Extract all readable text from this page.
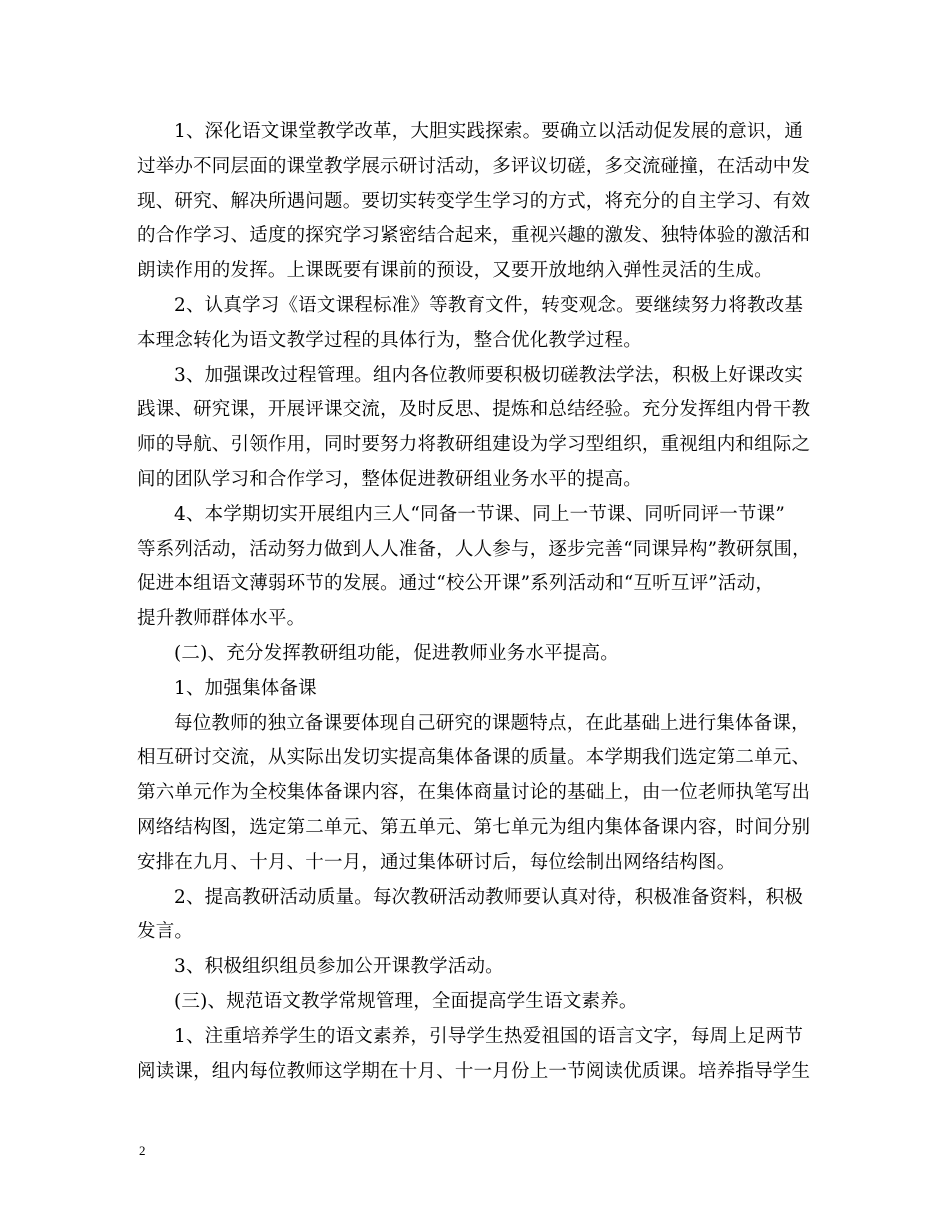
1、深化语文课堂教学改革，大胆实践探索。要确立以活动促发展的意识，通
过举办不同层面的课堂教学展示研讨活动，多评议切磋，多交流碰撞，在活动中发
现、研究、解决所遇问题。要切实转变学生学习的方式，将充分的自主学习、有效
的合作学习、适度的探究学习紧密结合起来，重视兴趣的激发、独特体验的激活和
朗读作用的发挥。上课既要有课前的预设，又要开放地纳入弹性灵活的生成。

2、认真学习《语文课程标准》等教育文件，转变观念。要继续努力将教改基
本理念转化为语文教学过程的具体行为，整合优化教学过程。

3、加强课改过程管理。组内各位教师要积极切磋教法学法，积极上好课改实
践课、研究课，开展评课交流，及时反思、提炼和总结经验。充分发挥组内骨干教
师的导航、引领作用，同时要努力将教研组建设为学习型组织，重视组内和组际之
间的团队学习和合作学习，整体促进教研组业务水平的提高。

4、本学期切实开展组内三人“同备一节课、同上一节课、同听同评一节课”
等系列活动，活动努力做到人人准备，人人参与，逐步完善“同课异构”教研氛围，
促进本组语文薄弱环节的发展。通过“校公开课”系列活动和“互听互评”活动，
提升教师群体水平。

(二)、充分发挥教研组功能，促进教师业务水平提高。

1、加强集体备课

每位教师的独立备课要体现自己研究的课题特点，在此基础上进行集体备课，
相互研讨交流，从实际出发切实提高集体备课的质量。本学期我们选定第二单元、
第六单元作为全校集体备课内容，在集体商量讨论的基础上，由一位老师执笔写出
网络结构图，选定第二单元、第五单元、第七单元为组内集体备课内容，时间分别
安排在九月、十月、十一月，通过集体研讨后，每位绘制出网络结构图。

2、提高教研活动质量。每次教研活动教师要认真对待，积极准备资料，积极
发言。

3、积极组织组员参加公开课教学活动。

(三)、规范语文教学常规管理，全面提高学生语文素养。

1、注重培养学生的语文素养，引导学生热爱祖国的语言文字，每周上足两节
阅读课，组内每位教师这学期在十月、十一月份上一节阅读优质课。培养指导学生

2
